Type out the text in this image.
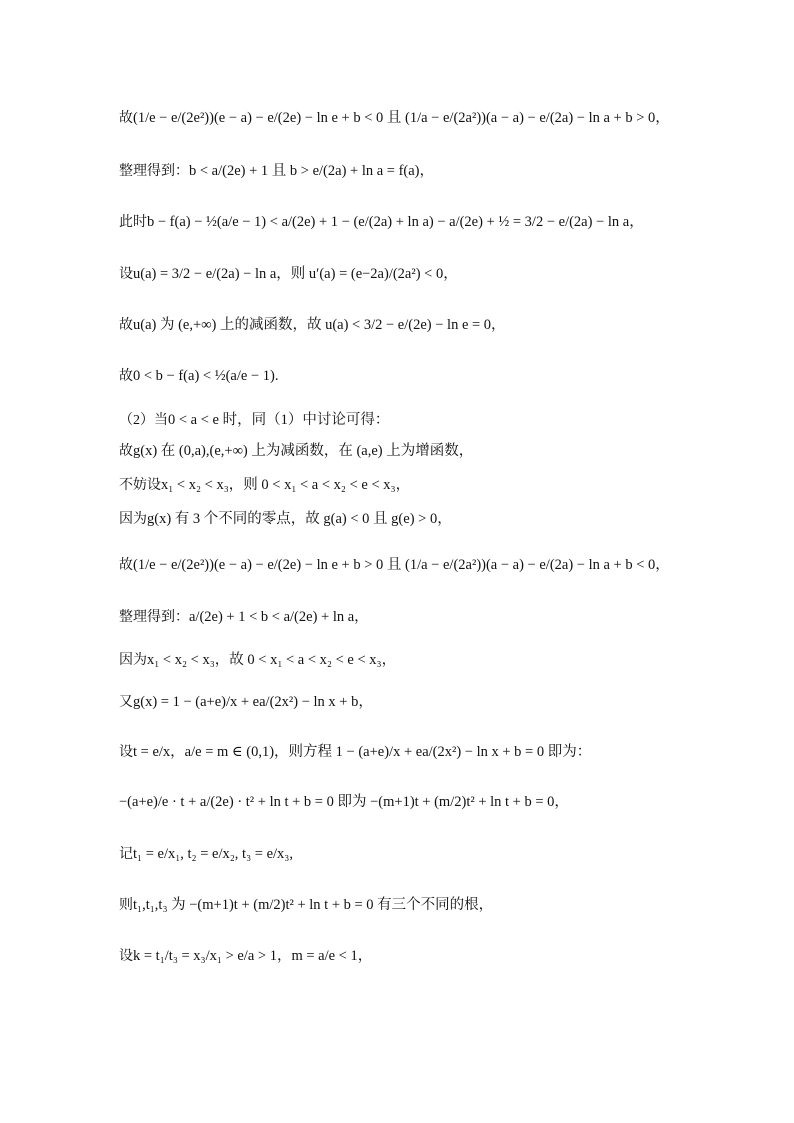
故(1/e − e/(2e²))(e − a) − e/(2e) − ln e + b < 0 且 (1/a − e/(2a²))(a − a) − e/(2a) − ln a + b > 0，
整理得到：b < a/(2e) + 1 且 b > e/(2a) + ln a = f(a)，
此时b − f(a) − ½(a/e − 1) < a/(2e) + 1 − (e/(2a) + ln a) − a/(2e) + ½ = 3/2 − e/(2a) − ln a，
设u(a) = 3/2 − e/(2a) − ln a，则 u′(a) = (e−2a)/(2a²) < 0，
故u(a) 为 (e,+∞) 上的减函数，故 u(a) < 3/2 − e/(2e) − ln e = 0，
故0 < b − f(a) < ½(a/e − 1).
（2）当0 < a < e 时，同（1）中讨论可得：
故g(x) 在 (0,a),(e,+∞) 上为减函数，在 (a,e) 上为增函数，
不妨设x₁ < x₂ < x₃，则 0 < x₁ < a < x₂ < e < x₃，
因为g(x) 有 3 个不同的零点，故 g(a) < 0 且 g(e) > 0，
故(1/e − e/(2e²))(e − a) − e/(2e) − ln e + b > 0 且 (1/a − e/(2a²))(a − a) − e/(2a) − ln a + b < 0，
整理得到：a/(2e) + 1 < b < a/(2e) + ln a，
因为x₁ < x₂ < x₃，故 0 < x₁ < a < x₂ < e < x₃，
又g(x) = 1 − (a+e)/x + ea/(2x²) − ln x + b，
设t = e/x，a/e = m ∈ (0,1)，则方程 1 − (a+e)/x + ea/(2x²) − ln x + b = 0 即为：
−(a+e)/e · t + a/(2e) · t² + ln t + b = 0 即为 −(m+1)t + (m/2)t² + ln t + b = 0，
记t₁ = e/x₁, t₂ = e/x₂, t₃ = e/x₃,
则t₁,t₁,t₃ 为 −(m+1)t + (m/2)t² + ln t + b = 0 有三个不同的根，
设k = t₁/t₃ = x₃/x₁ > e/a > 1，m = a/e < 1，
